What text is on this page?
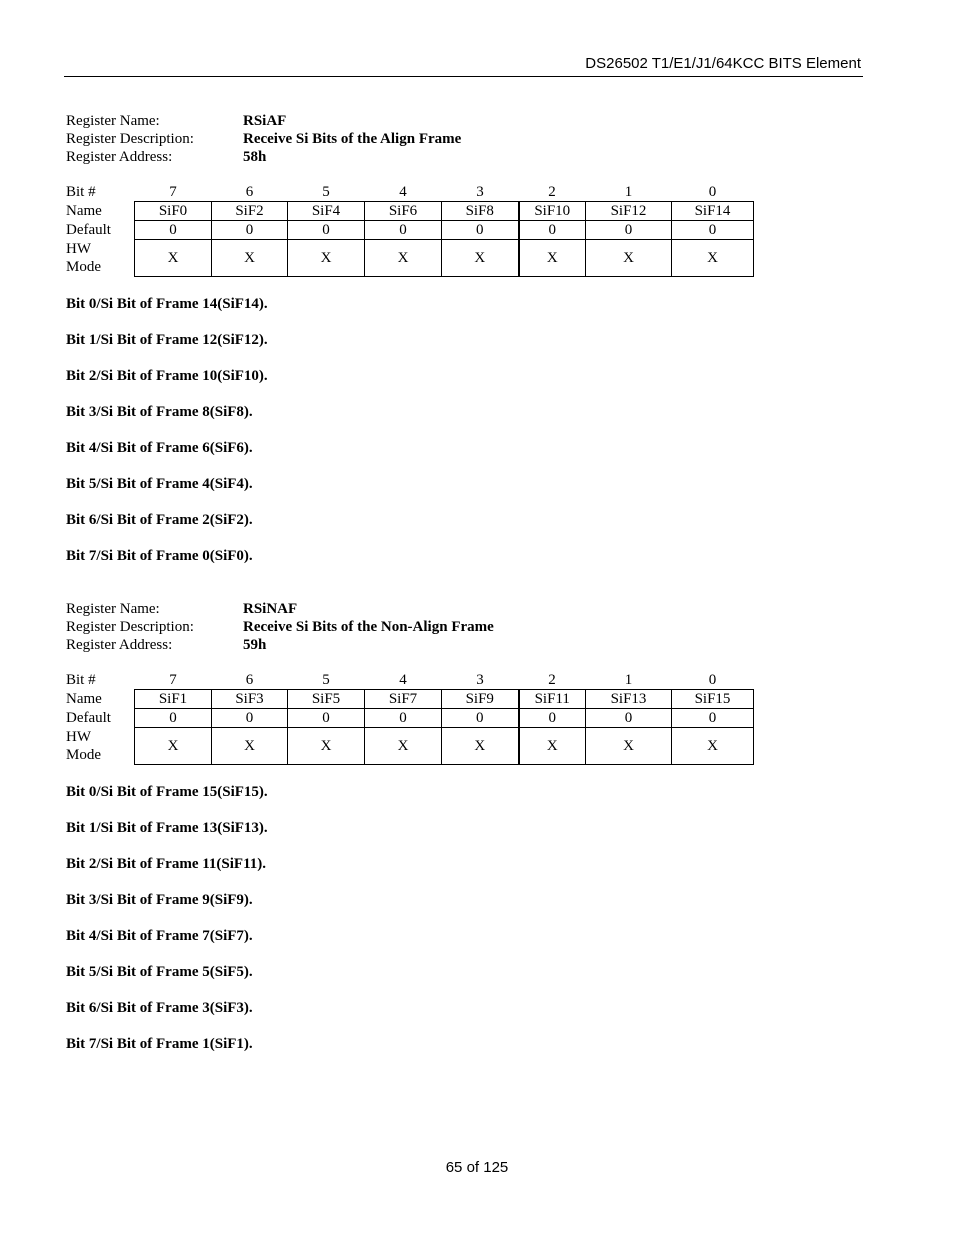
DS26502 T1/E1/J1/64KCC BITS Element
Register Name:	RSiAF
Register Description:	Receive Si Bits of the Align Frame
Register Address:	58h
Bit #	7	6	5	4	3	2	1	0
Name	SiF0	SiF2	SiF4	SiF6	SiF8	SiF10	SiF12	SiF14
Default	0	0	0	0	0	0	0	0
HW
Mode	X	X	X	X	X	X	X	X
Bit 0/Si Bit of Frame 14(SiF14).
Bit 1/Si Bit of Frame 12(SiF12).
Bit 2/Si Bit of Frame 10(SiF10).
Bit 3/Si Bit of Frame 8(SiF8).
Bit 4/Si Bit of Frame 6(SiF6).
Bit 5/Si Bit of Frame 4(SiF4).
Bit 6/Si Bit of Frame 2(SiF2).
Bit 7/Si Bit of Frame 0(SiF0).
Register Name:	RSiNAF
Register Description:	Receive Si Bits of the Non-Align Frame
Register Address:	59h
Bit #	7	6	5	4	3	2	1	0
Name	SiF1	SiF3	SiF5	SiF7	SiF9	SiF11	SiF13	SiF15
Default	0	0	0	0	0	0	0	0
HW
Mode	X	X	X	X	X	X	X	X
Bit 0/Si Bit of Frame 15(SiF15).
Bit 1/Si Bit of Frame 13(SiF13).
Bit 2/Si Bit of Frame 11(SiF11).
Bit 3/Si Bit of Frame 9(SiF9).
Bit 4/Si Bit of Frame 7(SiF7).
Bit 5/Si Bit of Frame 5(SiF5).
Bit 6/Si Bit of Frame 3(SiF3).
Bit 7/Si Bit of Frame 1(SiF1).
65 of 125
